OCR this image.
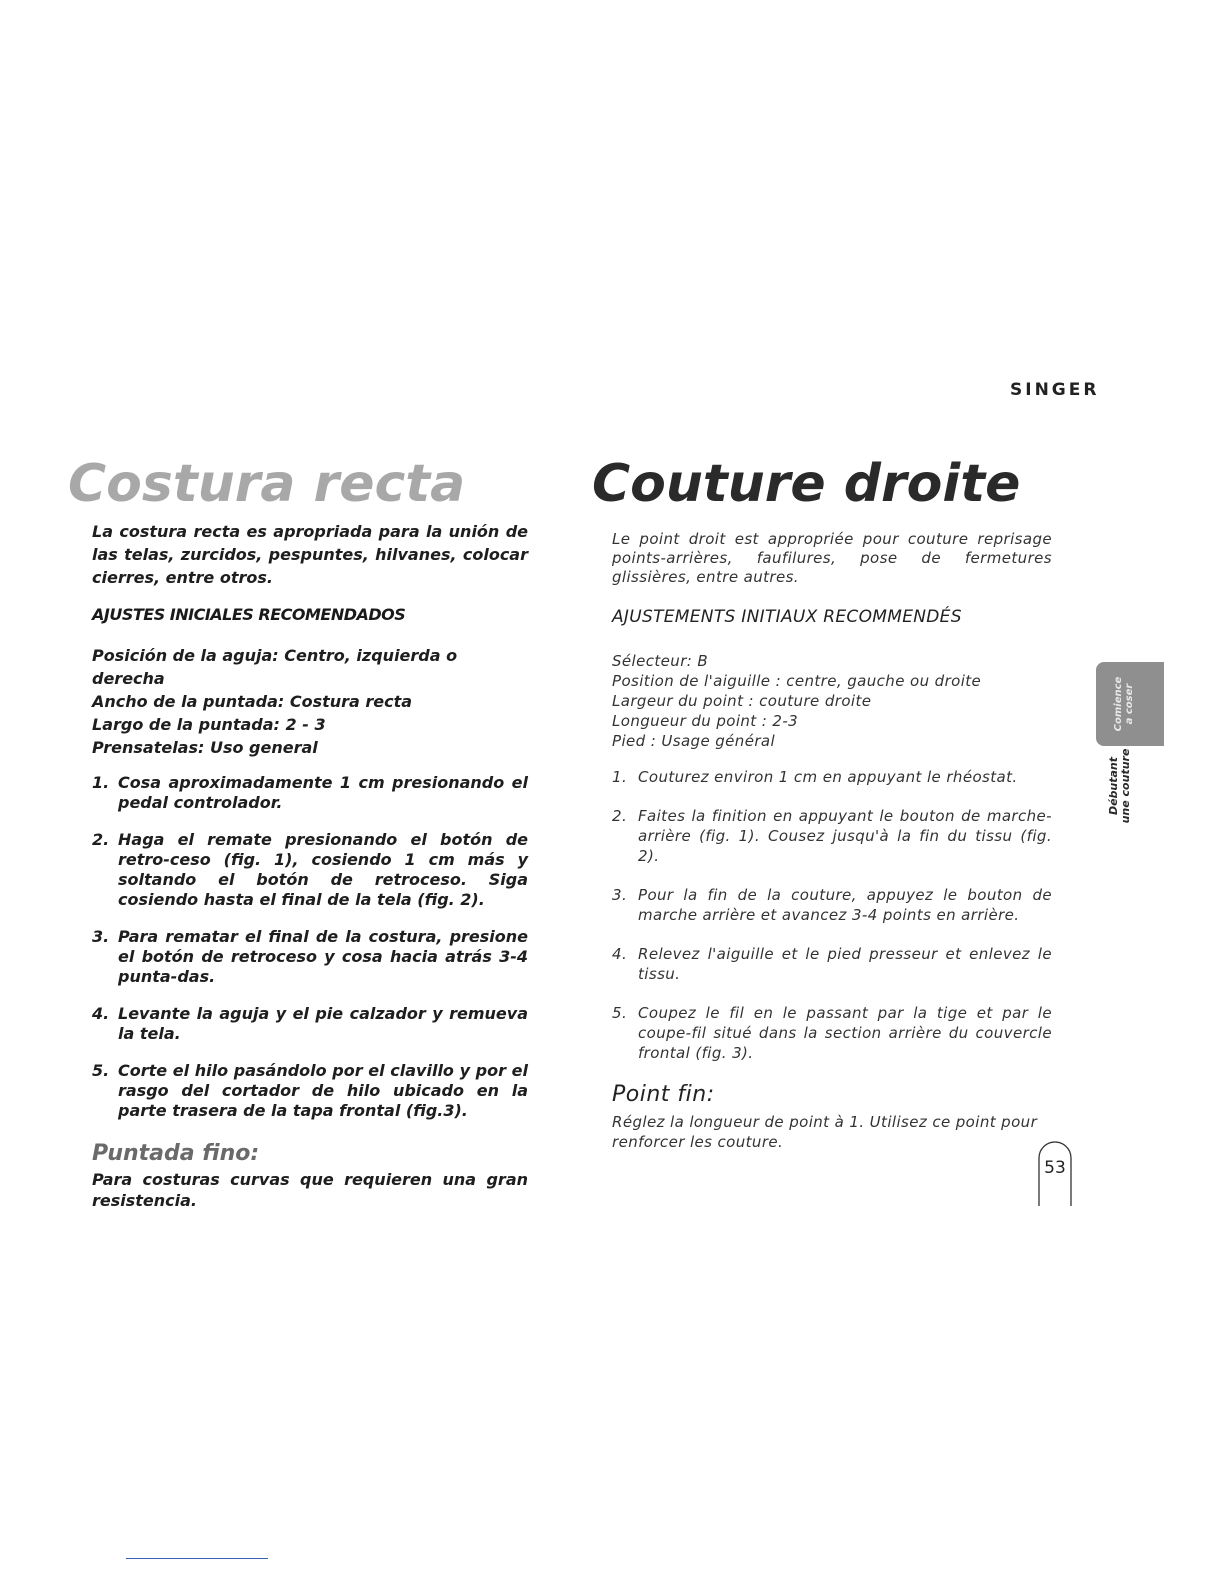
SINGER
Costura recta

La costura recta es apropriada para la unión de las telas, zurcidos, pespuntes, hilvanes, colocar cierres, entre otros.

AJUSTES INICIALES RECOMENDADOS
Posición de la aguja: Centro, izquierda o derecha
Ancho de la puntada: Costura recta
Largo de la puntada: 2 - 3
Prensatelas: Uso general
1. Cosa aproximadamente 1 cm presionando el pedal controlador.
2. Haga el remate presionando el botón de retro-ceso (fig. 1), cosiendo 1 cm más y soltando el botón de retroceso. Siga cosiendo hasta el final de la tela (fig. 2).
3. Para rematar el final de la costura, presione el botón de retroceso y cosa hacia atrás 3-4 punta-das.
4. Levante la aguja y el pie calzador y remueva la tela.
5. Corte el hilo pasándolo por el clavillo y por el rasgo del cortador de hilo ubicado en la parte trasera de la tapa frontal (fig.3).
Puntada fino:

Para costuras curvas que requieren una gran resistencia.

Couture droite

Le point droit est appropriée pour couture reprisage points-arrières, faufilures, pose de fermetures glissières, entre autres.

AJUSTEMENTS INITIAUX RECOMMENDÉS
Sélecteur: B
Position de l'aiguille : centre, gauche ou droite
Largeur du point : couture droite
Longueur du point : 2-3
Pied : Usage général
1. Couturez environ 1 cm en appuyant le rhéostat.
2. Faites la finition en appuyant le bouton de marche-arrière (fig. 1). Cousez jusqu'à la fin du tissu (fig. 2).
3. Pour la fin de la couture, appuyez le bouton de marche arrière et avancez 3-4 points en arrière.
4. Relevez l'aiguille et le pied presseur et enlevez le tissu.
5. Coupez le fil en le passant par la tige et par le coupe-fil situé dans la section arrière du couvercle frontal (fig. 3).
Point fin:

Réglez la longueur de point à 1. Utilisez ce point pour renforcer les couture.

Comience a coser
Débutant une couture
53
